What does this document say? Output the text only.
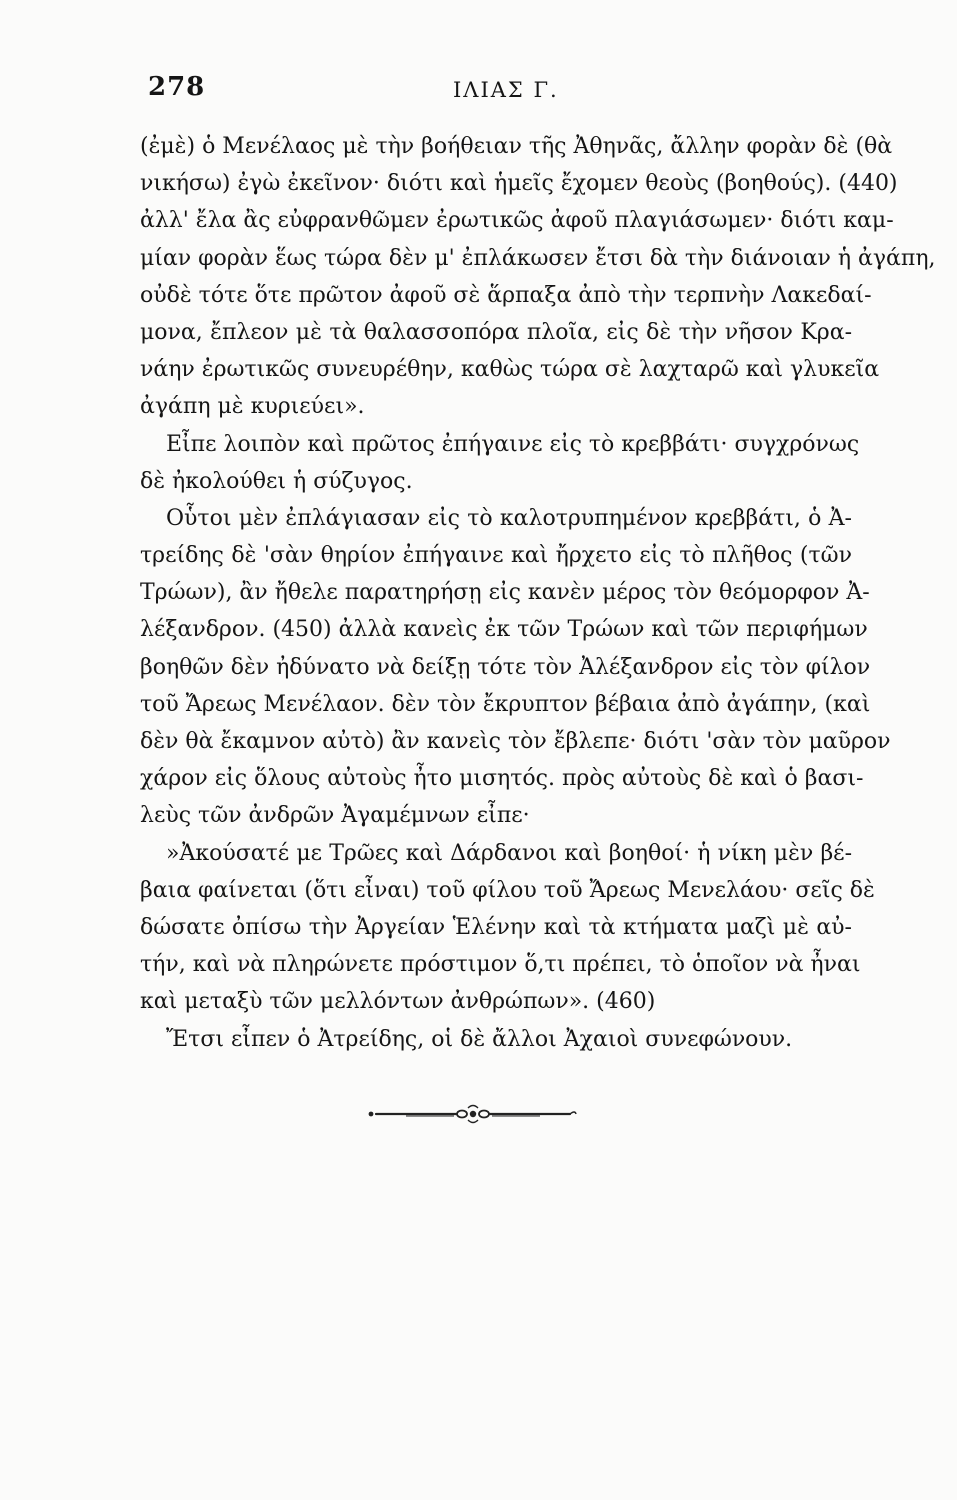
278	ΙΛΙΑΣ Γ.
(ἐμὲ) ὁ Μενέλαος μὲ τὴν βοήθειαν τῆς Ἀθηνᾶς, ἄλλην φορὰν δὲ (θὰ
νικήσω) ἐγὼ ἐκεῖνον· διότι καὶ ἡμεῖς ἔχομεν θεοὺς (βοηθούς). (440)
ἀλλ' ἔλα ἂς εὐφρανθῶμεν ἐρωτικῶς ἀφοῦ πλαγιάσωμεν· διότι καμ-
μίαν φορὰν ἕως τώρα δὲν μ' ἐπλάκωσεν ἔτσι δὰ τὴν διάνοιαν ἡ ἀγάπη,
οὐδὲ τότε ὅτε πρῶτον ἀφοῦ σὲ ἅρπαξα ἀπὸ τὴν τερπνὴν Λακεδαί-
μονα, ἔπλεον μὲ τὰ θαλασσοπόρα πλοῖα, εἰς δὲ τὴν νῆσον Κρα-
νάην ἐρωτικῶς συνευρέθην, καθὼς τώρα σὲ λαχταρῶ καὶ γλυκεῖα
ἀγάπη μὲ κυριεύει».
Εἶπε λοιπὸν καὶ πρῶτος ἐπήγαινε εἰς τὸ κρεββάτι· συγχρόνως
δὲ ἠκολούθει ἡ σύζυγος.
Οὗτοι μὲν ἐπλάγιασαν εἰς τὸ καλοτρυπημένον κρεββάτι, ὁ Ἀ-
τρείδης δὲ 'σὰν θηρίον ἐπήγαινε καὶ ἤρχετο εἰς τὸ πλῆθος (τῶν
Τρώων), ἂν ἤθελε παρατηρήσῃ εἰς κανὲν μέρος τὸν θεόμορφον Ἀ-
λέξανδρον. (450) ἀλλὰ κανεὶς ἐκ τῶν Τρώων καὶ τῶν περιφήμων
βοηθῶν δὲν ἠδύνατο νὰ δείξῃ τότε τὸν Ἀλέξανδρον εἰς τὸν φίλον
τοῦ Ἄρεως Μενέλαον. δὲν τὸν ἔκρυπτον βέβαια ἀπὸ ἀγάπην, (καὶ
δὲν θὰ ἔκαμνον αὐτὸ) ἂν κανεὶς τὸν ἔβλεπε· διότι 'σὰν τὸν μαῦρον
χάρον εἰς ὅλους αὐτοὺς ἦτο μισητός. πρὸς αὐτοὺς δὲ καὶ ὁ βασι-
λεὺς τῶν ἀνδρῶν Ἀγαμέμνων εἶπε·
»Ἀκούσατέ με Τρῶες καὶ Δάρδανοι καὶ βοηθοί· ἡ νίκη μὲν βέ-
βαια φαίνεται (ὅτι εἶναι) τοῦ φίλου τοῦ Ἄρεως Μενελάου· σεῖς δὲ
δώσατε ὀπίσω τὴν Ἀργείαν Ἑλένην καὶ τὰ κτήματα μαζὶ μὲ αὐ-
τήν, καὶ νὰ πληρώνετε πρόστιμον ὅ,τι πρέπει, τὸ ὁποῖον νὰ ἦναι
καὶ μεταξὺ τῶν μελλόντων ἀνθρώπων». (460)
Ἔτσι εἶπεν ὁ Ἀτρείδης, οἱ δὲ ἄλλοι Ἀχαιοὶ συνεφώνουν.
